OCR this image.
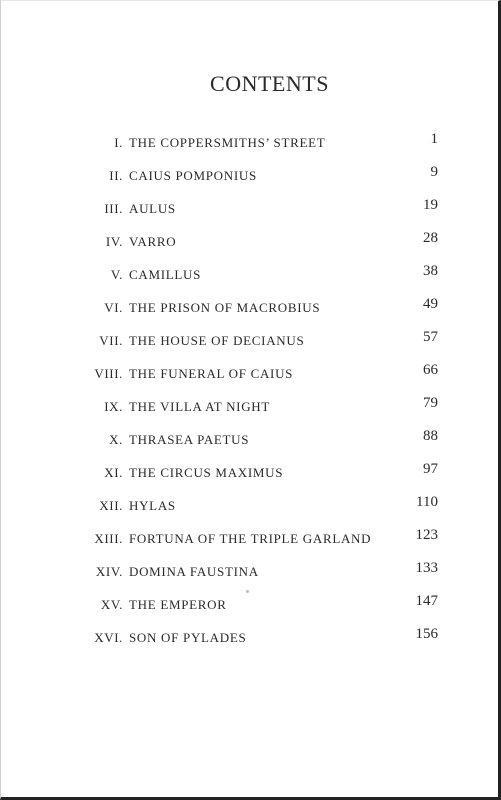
CONTENTS
I. THE COPPERSMITHS’ STREET	1
II. CAIUS POMPONIUS	9
III. AULUS	19
IV. VARRO	28
V. CAMILLUS	38
VI. THE PRISON OF MACROBIUS	49
VII. THE HOUSE OF DECIANUS	57
VIII. THE FUNERAL OF CAIUS	66
IX. THE VILLA AT NIGHT	79
X. THRASEA PAETUS	88
XI. THE CIRCUS MAXIMUS	97
XII. HYLAS	110
XIII. FORTUNA OF THE TRIPLE GARLAND	123
XIV. DOMINA FAUSTINA	133
XV. THE EMPEROR	147
XVI. SON OF PYLADES	156
